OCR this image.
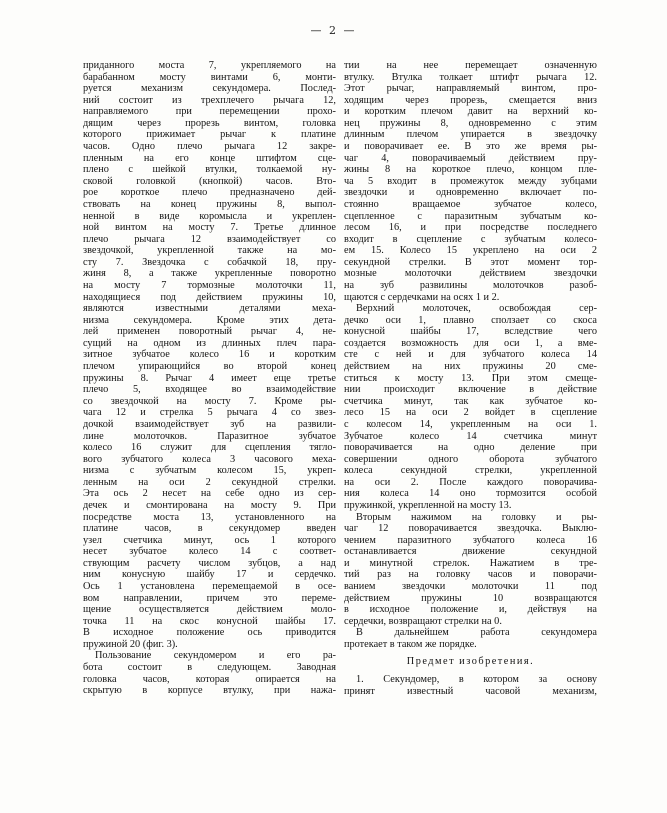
— 2 —
приданного моста 7, укрепляемого на
барабанном мосту винтами 6, монти-
руется механизм секундомера. Послед-
ний состоит из трехплечего рычага 12,
направляемого при перемещении прохо-
дящим через прорезь винтом, головка
которого прижимает рычаг к платине
часов. Одно плечо рычага 12 закре-
пленным на его конце штифтом сце-
плено с шейкой втулки, толкаемой ну-
сковой головкой (кнопкой) часов. Вто-
рое короткое плечо предназначено дей-
ствовать на конец пружины 8, выпол-
ненной в виде коромысла и укреплен-
ной винтом на мосту 7. Третье длинное
плечо рычага 12 взаимодействует со
звездочкой, укрепленной также на мо-
сту 7. Звездочка с собачкой 18, пру-
жиня 8, а также укрепленные поворотно
на мосту 7 тормозные молоточки 11,
находящиеся под действием пружины 10,
являются известными деталями меха-
низма секундомера. Кроме этих дета-
лей применен поворотный рычаг 4, не-
сущий на одном из длинных плеч пара-
зитное зубчатое колесо 16 и коротким
плечом упирающийся во второй конец
пружины 8. Рычаг 4 имеет еще третье
плечо 5, входящее во взаимодействие
со звездочкой на мосту 7. Кроме ры-
чага 12 и стрелка 5 рычага 4 со звез-
дочкой взаимодействует зуб на развили-
лине молоточков. Паразитное зубчатое
колесо 16 служит для сцепления тягло-
вого зубчатого колеса 3 часового меха-
низма с зубчатым колесом 15, укреп-
ленным на оси 2 секундной стрелки.
Эта ось 2 несет на себе одно из сер-
дечек и смонтирована на мосту 9. При
посредстве моста 13, установленного на
платине часов, в секундомер введен
узел счетчика минут, ось 1 которого
несет зубчатое колесо 14 с соответ-
ствующим расчету числом зубцов, а над
ним конусную шайбу 17 и сердечко.
Ось 1 установлена перемещаемой в осе-
вом направлении, причем это переме-
щение осуществляется действием моло-
точка 11 на скос конусной шайбы 17.
В исходное положение ось приводится
пружиной 20 (фиг. 3).
Пользование секундомером и его ра-
бота состоит в следующем. Заводная
головка часов, которая опирается на
скрытую в корпусе втулку, при нажа-
тии на нее перемещает означенную
втулку. Втулка толкает штифт рычага 12.
Этот рычаг, направляемый винтом, про-
ходящим через прорезь, смещается вниз
и коротким плечом давит на верхний ко-
нец пружины 8, одновременно с этим
длинным плечом упирается в звездочку
и поворачивает ее. В это же время ры-
чаг 4, поворачиваемый действием пру-
жины 8 на короткое плечо, концом пле-
ча 5 входит в промежуток между зубцами
звездочки и одновременно включает по-
стоянно вращаемое зубчатое колесо,
сцепленное с паразитным зубчатым ко-
лесом 16, и при посредстве последнего
входит в сцепление с зубчатым колесо-
ем 15. Колесо 15 укреплено на оси 2
секундной стрелки. В этот момент тор-
мозные молоточки действием звездочки
на зуб развилины молоточков разоб-
щаются с сердечками на осях 1 и 2.
Верхний молоточек, освобождая сер-
дечко оси 1, плавно сползает со скоса
конусной шайбы 17, вследствие чего
создается возможность для оси 1, а вме-
сте с ней и для зубчатого колеса 14
действием на них пружины 20 сме-
ститься к мосту 13. При этом смеще-
нии происходит включение в действие
счетчика минут, так как зубчатое ко-
лесо 15 на оси 2 войдет в сцепление
с колесом 14, укрепленным на оси 1.
Зубчатое колесо 14 счетчика минут
поворачивается на одно деление при
совершении одного оборота зубчатого
колеса секундной стрелки, укрепленной
на оси 2. После каждого поворачива-
ния колеса 14 оно тормозится особой
пружинкой, укрепленной на мосту 13.
Вторым нажимом на головку и ры-
чаг 12 поворачивается звездочка. Выклю-
чением паразитного зубчатого колеса 16
останавливается движение секундной
и минутной стрелок. Нажатием в тре-
тий раз на головку часов и поворачи-
ванием звездочки молоточки 11 под
действием пружины 10 возвращаются
в исходное положение и, действуя на
сердечки, возвращают стрелки на 0.
В дальнейшем работа секундомера
протекает в таком же порядке.
Предмет изобретения.
1. Секундомер, в котором за основу
принят известный часовой механизм,
